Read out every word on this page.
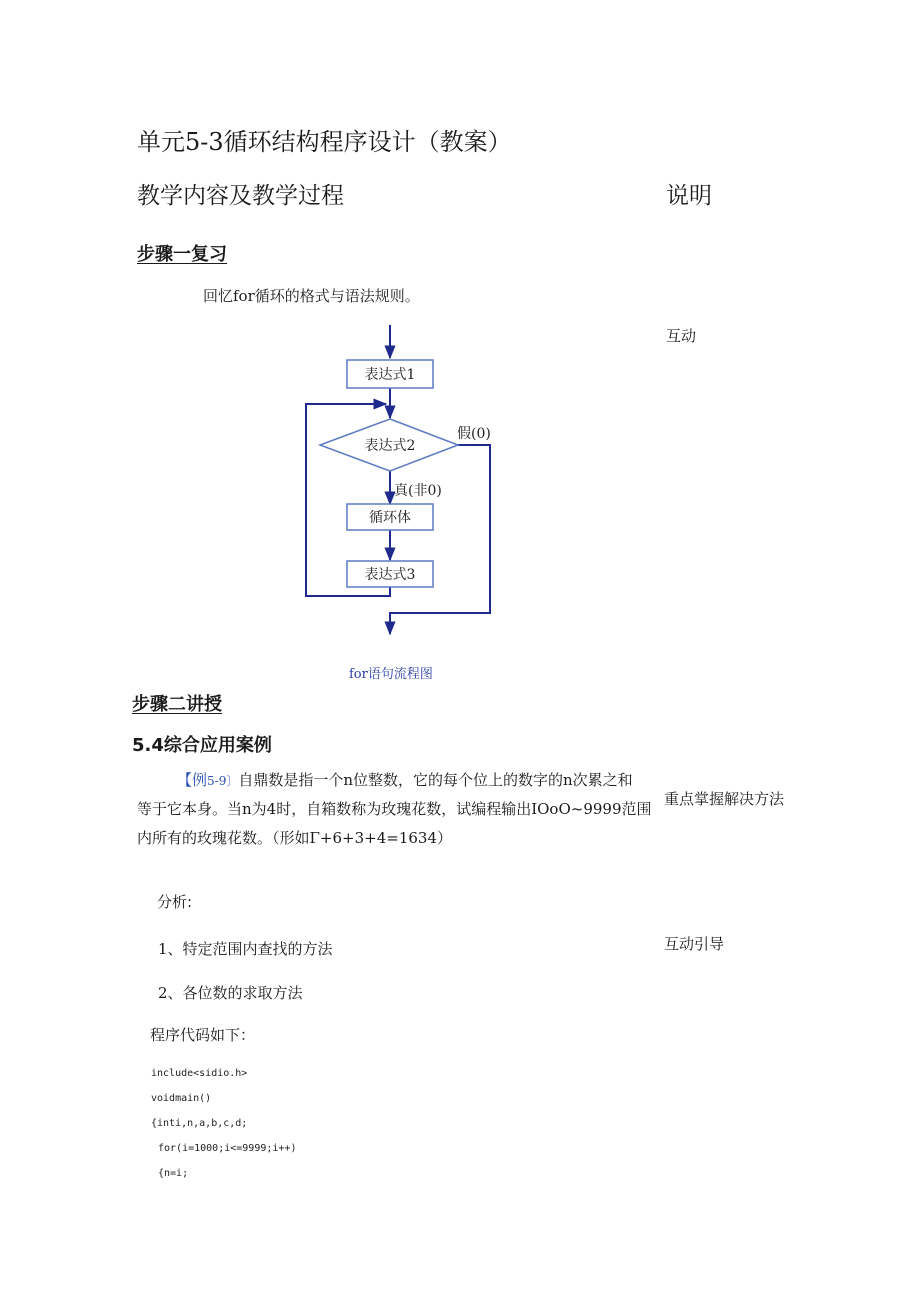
单元5-3循环结构程序设计（教案）
教学内容及教学过程	说明
步骤一复习
回忆for循环的格式与语法规则。
互动
表达式1
表达式2
假(0)
真(非0)
循环体
表达式3
for语句流程图
步骤二讲授
5.4综合应用案例
【例5-9〕自鼎数是指一个n位整数，它的每个位上的数字的n次累之和
等于它本身。当n为4时，自箱数称为玫瑰花数，试编程输出IOoO~9999范围
内所有的玫瑰花数。（形如Γ+6+3+4=1634）
重点掌握解决方法
分析:
1、特定范围内查找的方法
2、各位数的求取方法
互动引导
程序代码如下：
include<sidio.h>
voidmain()
{inti,n,a,b,c,d;
for(i=1000;i<=9999;i++)
{n=i;
